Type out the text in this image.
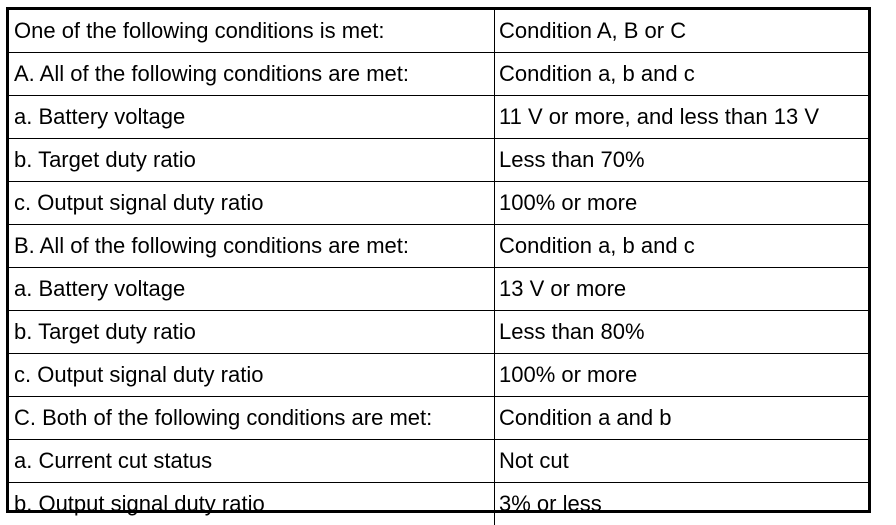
One of the following conditions is met:	Condition A, B or C
A. All of the following conditions are met:	Condition a, b and c
a. Battery voltage	11 V or more, and less than 13 V
b. Target duty ratio	Less than 70%
c. Output signal duty ratio	100% or more
B. All of the following conditions are met:	Condition a, b and c
a. Battery voltage	13 V or more
b. Target duty ratio	Less than 80%
c. Output signal duty ratio	100% or more
C. Both of the following conditions are met:	Condition a and b
a. Current cut status	Not cut
b. Output signal duty ratio	3% or less
